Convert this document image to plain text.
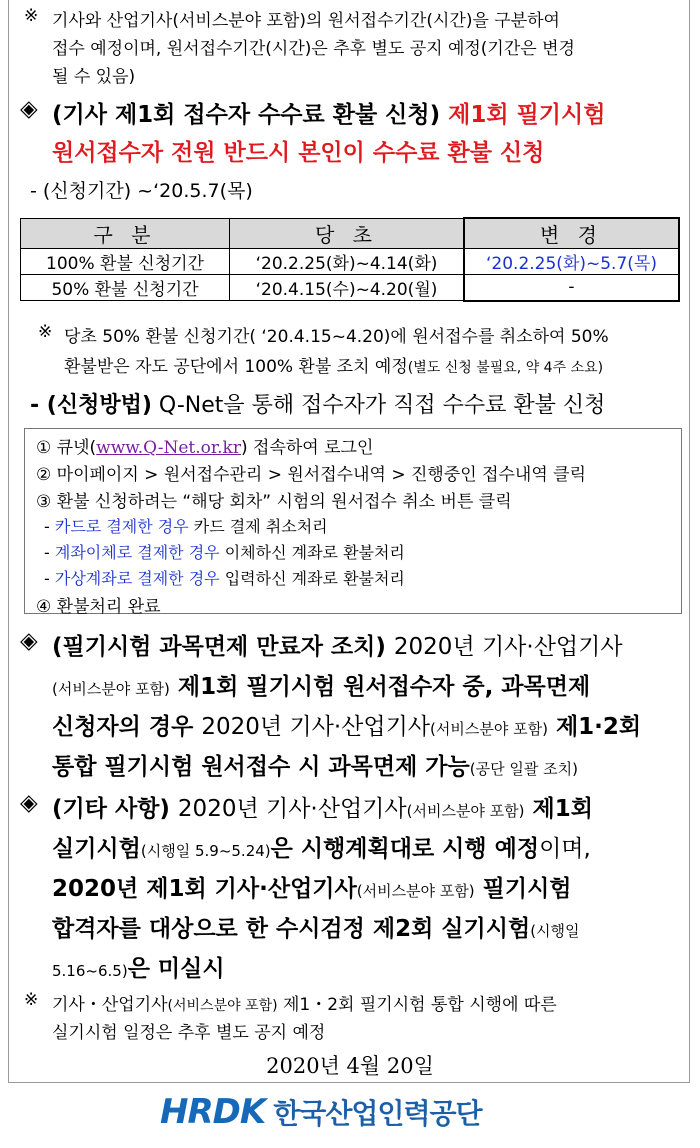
※ 기사와 산업기사(서비스분야 포함)의 원서접수기간(시간)을 구분하여
접수 예정이며, 원서접수기간(시간)은 추후 별도 공지 예정(기간은 변경
될 수 있음)
◈ (기사 제1회 접수자 수수료 환불 신청) 제1회 필기시험
원서접수자 전원 반드시 본인이 수수료 환불 신청
- (신청기간) ~‘20.5.7(목)
구 분	당 초	변 경
100% 환불 신청기간	‘20.2.25(화)~4.14(화)	‘20.2.25(화)~5.7(목)
50% 환불 신청기간	‘20.4.15(수)~4.20(월)	-
※ 당초 50% 환불 신청기간( ‘20.4.15~4.20)에 원서접수를 취소하여 50%
환불받은 자도 공단에서 100% 환불 조치 예정(별도 신청 불필요, 약 4주 소요)
- (신청방법) Q-Net을 통해 접수자가 직접 수수료 환불 신청
① 큐넷(www.Q-Net.or.kr) 접속하여 로그인
② 마이페이지 > 원서접수관리 > 원서접수내역 > 진행중인 접수내역 클릭
③ 환불 신청하려는 “해당 회차” 시험의 원서접수 취소 버튼 클릭
- 카드로 결제한 경우 카드 결제 취소처리
- 계좌이체로 결제한 경우 이체하신 계좌로 환불처리
- 가상계좌로 결제한 경우 입력하신 계좌로 환불처리
④ 환불처리 완료
◈ (필기시험 과목면제 만료자 조치) 2020년 기사·산업기사
(서비스분야 포함) 제1회 필기시험 원서접수자 중, 과목면제
신청자의 경우 2020년 기사·산업기사(서비스분야 포함) 제1·2회
통합 필기시험 원서접수 시 과목면제 가능(공단 일괄 조치)
◈ (기타 사항) 2020년 기사·산업기사(서비스분야 포함) 제1회
실기시험(시행일 5.9~5.24)은 시행계획대로 시행 예정이며,
2020년 제1회 기사·산업기사(서비스분야 포함) 필기시험
합격자를 대상으로 한 수시검정 제2회 실기시험(시행일
5.16~6.5)은 미실시
※ 기사・산업기사(서비스분야 포함) 제1・2회 필기시험 통합 시행에 따른
실기시험 일정은 추후 별도 공지 예정
2020년 4월 20일
HRDK 한국산업인력공단
